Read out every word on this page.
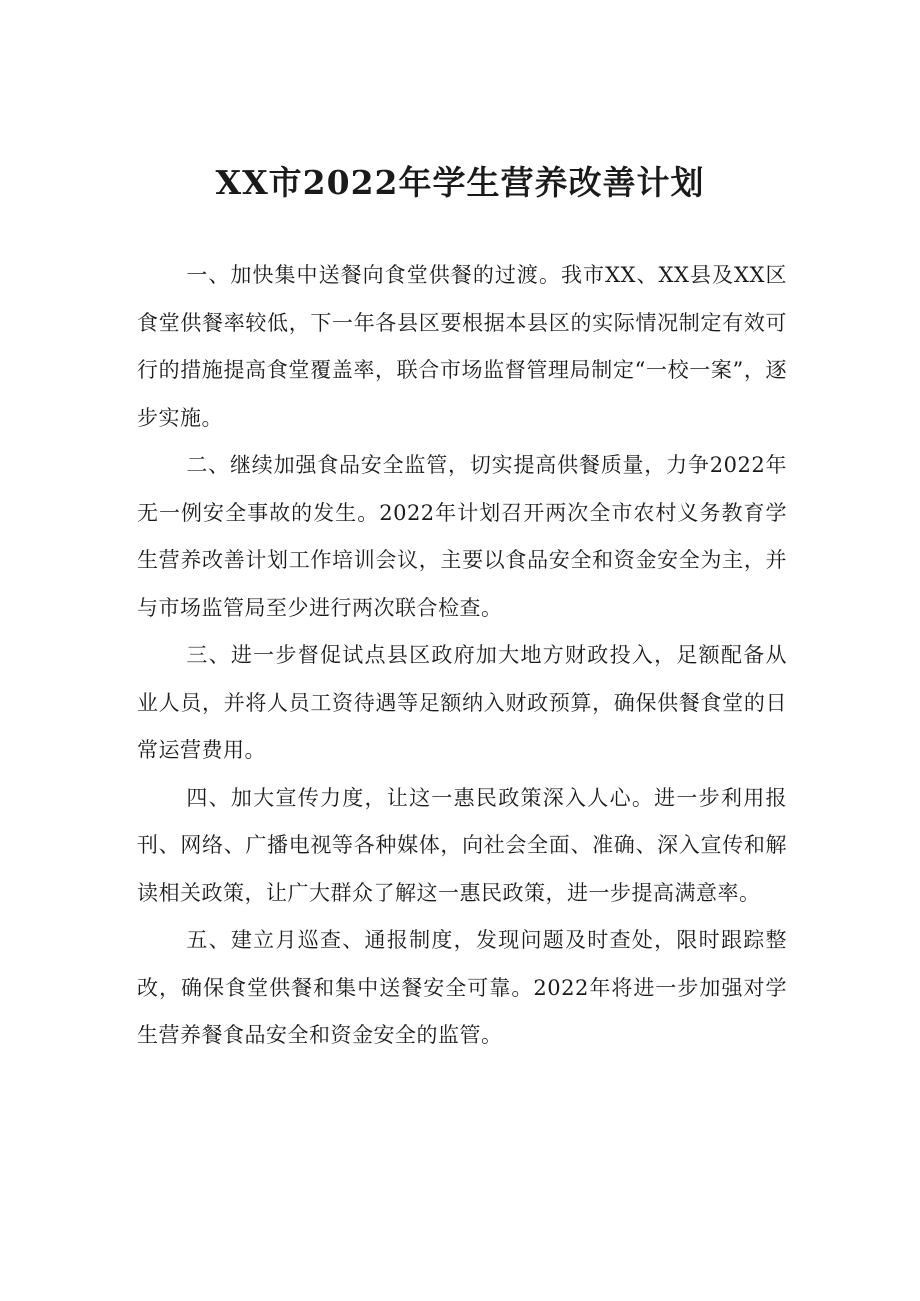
XX市2022年学生营养改善计划

一、加快集中送餐向食堂供餐的过渡。我市XX、XX县及XX区食堂供餐率较低，下一年各县区要根据本县区的实际情况制定有效可行的措施提高食堂覆盖率，联合市场监督管理局制定“一校一案”，逐步实施。

二、继续加强食品安全监管，切实提高供餐质量，力争2022年无一例安全事故的发生。2022年计划召开两次全市农村义务教育学生营养改善计划工作培训会议，主要以食品安全和资金安全为主，并与市场监管局至少进行两次联合检查。

三、进一步督促试点县区政府加大地方财政投入，足额配备从业人员，并将人员工资待遇等足额纳入财政预算，确保供餐食堂的日常运营费用。

四、加大宣传力度，让这一惠民政策深入人心。进一步利用报刊、网络、广播电视等各种媒体，向社会全面、准确、深入宣传和解读相关政策，让广大群众了解这一惠民政策，进一步提高满意率。

五、建立月巡查、通报制度，发现问题及时查处，限时跟踪整改，确保食堂供餐和集中送餐安全可靠。2022年将进一步加强对学生营养餐食品安全和资金安全的监管。
